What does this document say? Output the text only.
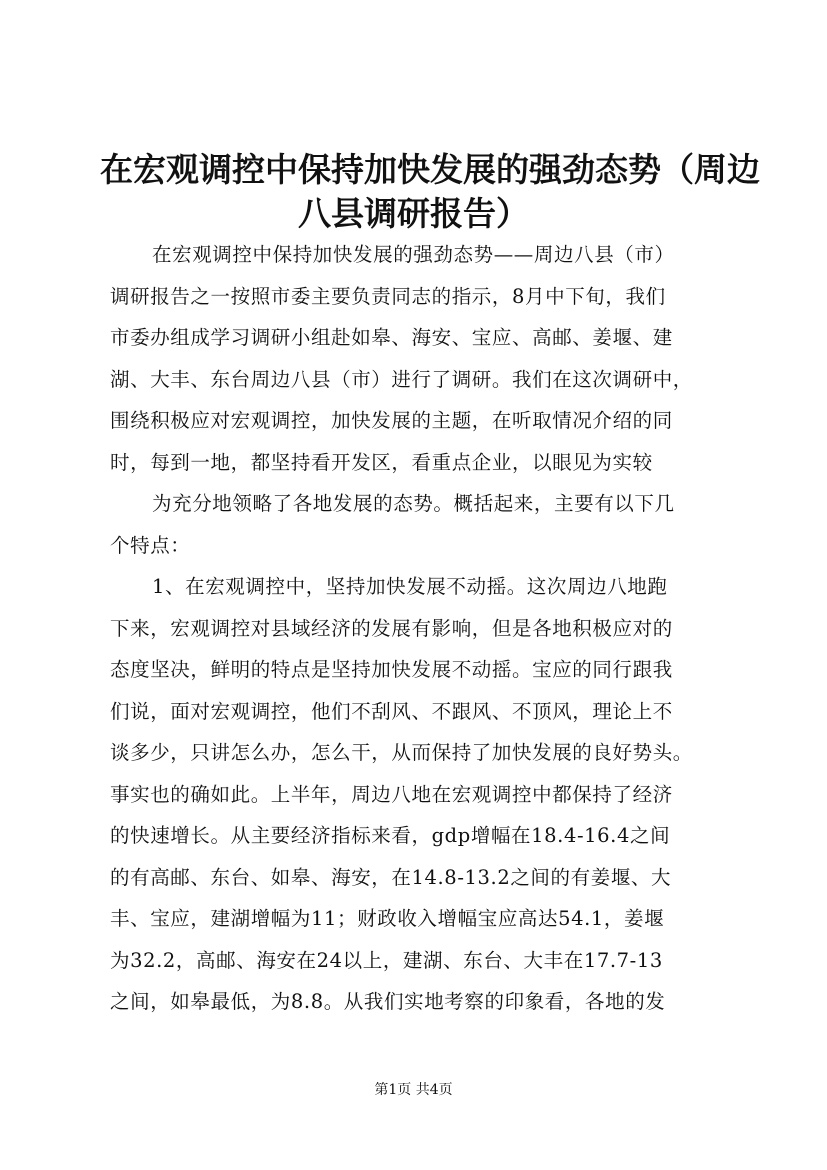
在宏观调控中保持加快发展的强劲态势（周边
八县调研报告）
在宏观调控中保持加快发展的强劲态势——周边八县（市）
调研报告之一按照市委主要负责同志的指示，8月中下旬，我们
市委办组成学习调研小组赴如皋、海安、宝应、高邮、姜堰、建
湖、大丰、东台周边八县（市）进行了调研。我们在这次调研中，
围绕积极应对宏观调控，加快发展的主题，在听取情况介绍的同
时，每到一地，都坚持看开发区，看重点企业，以眼见为实较
为充分地领略了各地发展的态势。概括起来，主要有以下几
个特点：
1、在宏观调控中，坚持加快发展不动摇。这次周边八地跑
下来，宏观调控对县域经济的发展有影响，但是各地积极应对的
态度坚决，鲜明的特点是坚持加快发展不动摇。宝应的同行跟我
们说，面对宏观调控，他们不刮风、不跟风、不顶风，理论上不
谈多少，只讲怎么办，怎么干，从而保持了加快发展的良好势头。
事实也的确如此。上半年，周边八地在宏观调控中都保持了经济
的快速增长。从主要经济指标来看，gdp增幅在18.4-16.4之间
的有高邮、东台、如皋、海安，在14.8-13.2之间的有姜堰、大
丰、宝应，建湖增幅为11；财政收入增幅宝应高达54.1，姜堰
为32.2，高邮、海安在24以上，建湖、东台、大丰在17.7-13
之间，如皋最低，为8.8。从我们实地考察的印象看，各地的发
第1页 共4页
